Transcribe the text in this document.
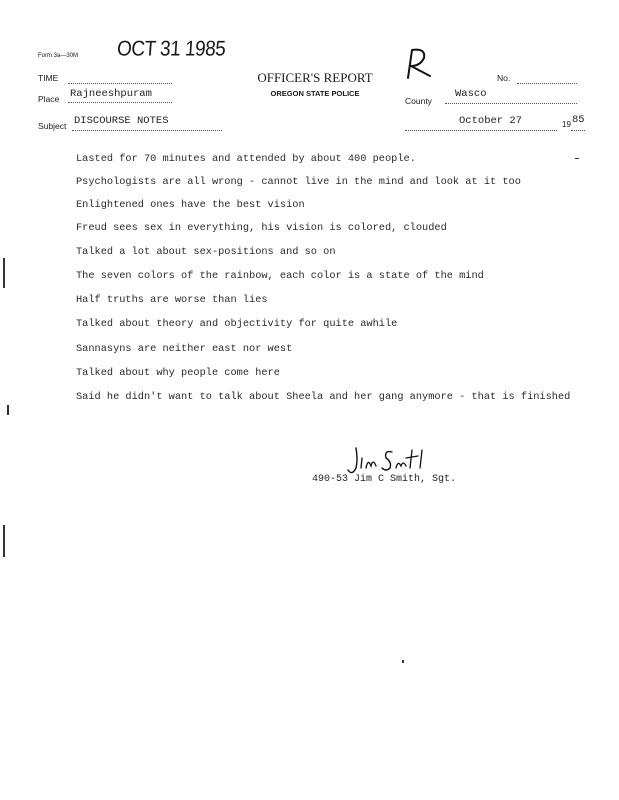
Form 3a—30M OCT 31 1985
TIME	OFFICER'S REPORT
OREGON STATE POLICE
No.
Place Rajneeshpuram
County
Wasco
Subject DISCOURSE NOTES	October 27	19 85
Lasted for 70 minutes and attended by about 400 people.
Psychologists are all wrong - cannot live in the mind and look at it too
Enlightened ones have the best vision
Freud sees sex in everything, his vision is colored, clouded
Talked a lot about sex-positions and so on
The seven colors of the rainbow, each color is a state of the mind
Half truths are worse than lies
Talked about theory and objectivity for quite awhile
Sannasyns are neither east nor west
Talked about why people come here
Said he didn't want to talk about Sheela and her gang anymore - that is finished
490-53 Jim C Smith, Sgt.
